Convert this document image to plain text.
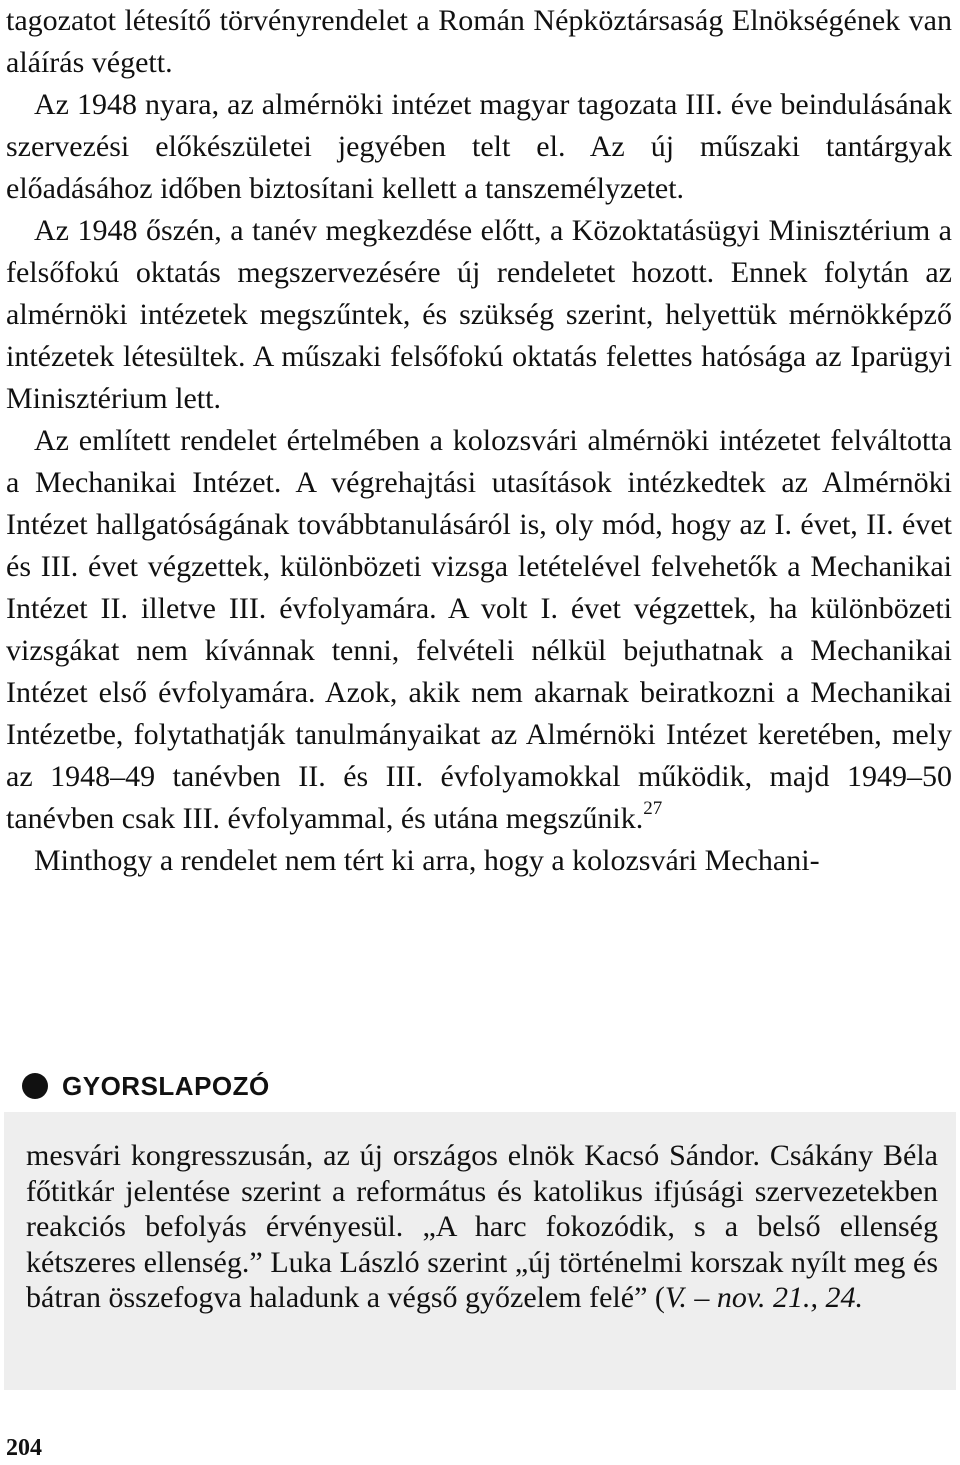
tagozatot létesítő törvényrendelet a Román Népköztársaság Elnökségének van aláírás végett.

Az 1948 nyara, az almérnöki intézet magyar tagozata III. éve beindulásának szervezési előkészületei jegyében telt el. Az új műszaki tantárgyak előadásához időben biztosítani kellett a tanszemélyzetet.

Az 1948 őszén, a tanév megkezdése előtt, a Közoktatásügyi Minisztérium a felsőfokú oktatás megszervezésére új rendeletet hozott. Ennek folytán az almérnöki intézetek megszűntek, és szükség szerint, helyettük mérnökképző intézetek létesültek. A műszaki felsőfokú oktatás felettes hatósága az Iparügyi Minisztérium lett.

Az említett rendelet értelmében a kolozsvári almérnöki intézetet felváltotta a Mechanikai Intézet. A végrehajtási utasítások intézkedtek az Almérnöki Intézet hallgatóságának továbbtanulásáról is, oly mód, hogy az I. évet, II. évet és III. évet végzettek, különbözeti vizsga letételével felvehetők a Mechanikai Intézet II. illetve III. évfolyamára. A volt I. évet végzettek, ha különbözeti vizsgákat nem kívánnak tenni, felvételi nélkül bejuthatnak a Mechanikai Intézet első évfolyamára. Azok, akik nem akarnak beiratkozni a Mechanikai Intézetbe, folytathatják tanulmányaikat az Almérnöki Intézet keretében, mely az 1948–49 tanévben II. és III. évfolyamokkal működik, majd 1949–50 tanévben csak III. évfolyammal, és utána megszűnik.$^{27}$

Minthogy a rendelet nem tért ki arra, hogy a kolozsvári Mechani-

GYORSLAPOZÓ

mesvári kongresszusán, az új országos elnök Kacsó Sándor. Csákány Béla főtitkár jelentése szerint a református és katolikus ifjúsági szervezetekben reakciós befolyás érvényesül. „A harc fokozódik, s a belső ellenség kétszeres ellenség.” Luka László szerint „új történelmi korszak nyílt meg és bátran összefogva haladunk a végső győzelem felé” (V. – nov. 21., 24.

204
